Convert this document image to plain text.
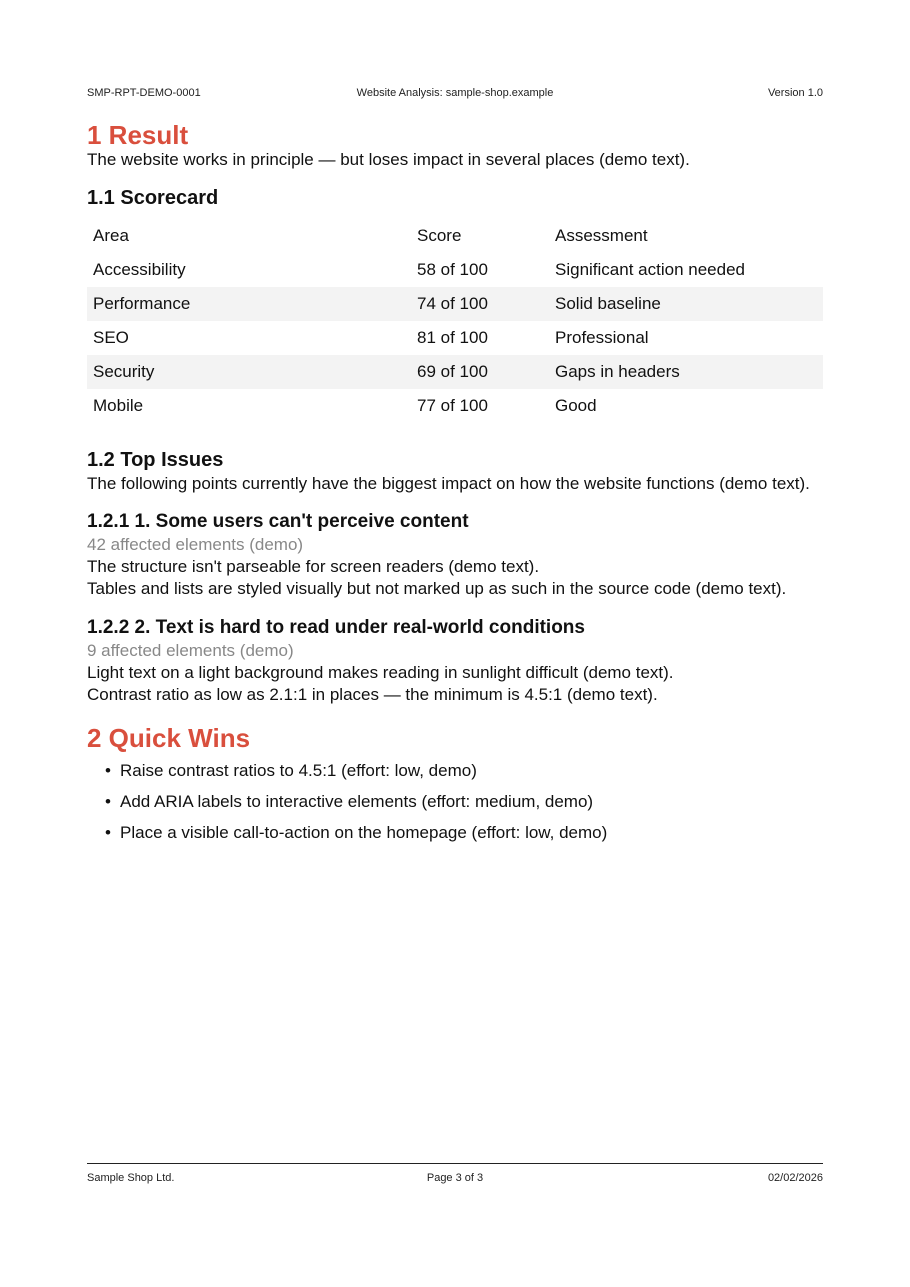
SMP-RPT-DEMO-0001	Website Analysis: sample-shop.example	Version 1.0
1 Result

The website works in principle — but loses impact in several places (demo text).

1.1 Scorecard
Area	Score	Assessment
Accessibility	58 of 100	Significant action needed
Performance	74 of 100	Solid baseline
SEO	81 of 100	Professional
Security	69 of 100	Gaps in headers
Mobile	77 of 100	Good
1.2 Top Issues

The following points currently have the biggest impact on how the website functions (demo text).

1.2.1 1. Some users can't perceive content

42 affected elements (demo)

The structure isn't parseable for screen readers (demo text).

Tables and lists are styled visually but not marked up as such in the source code (demo text).

1.2.2 2. Text is hard to read under real-world conditions

9 affected elements (demo)

Light text on a light background makes reading in sunlight difficult (demo text).

Contrast ratio as low as 2.1:1 in places — the minimum is 4.5:1 (demo text).

2 Quick Wins
• Raise contrast ratios to 4.5:1 (effort: low, demo)
• Add ARIA labels to interactive elements (effort: medium, demo)
• Place a visible call-to-action on the homepage (effort: low, demo)
Sample Shop Ltd.	Page 3 of 3	02/02/2026
